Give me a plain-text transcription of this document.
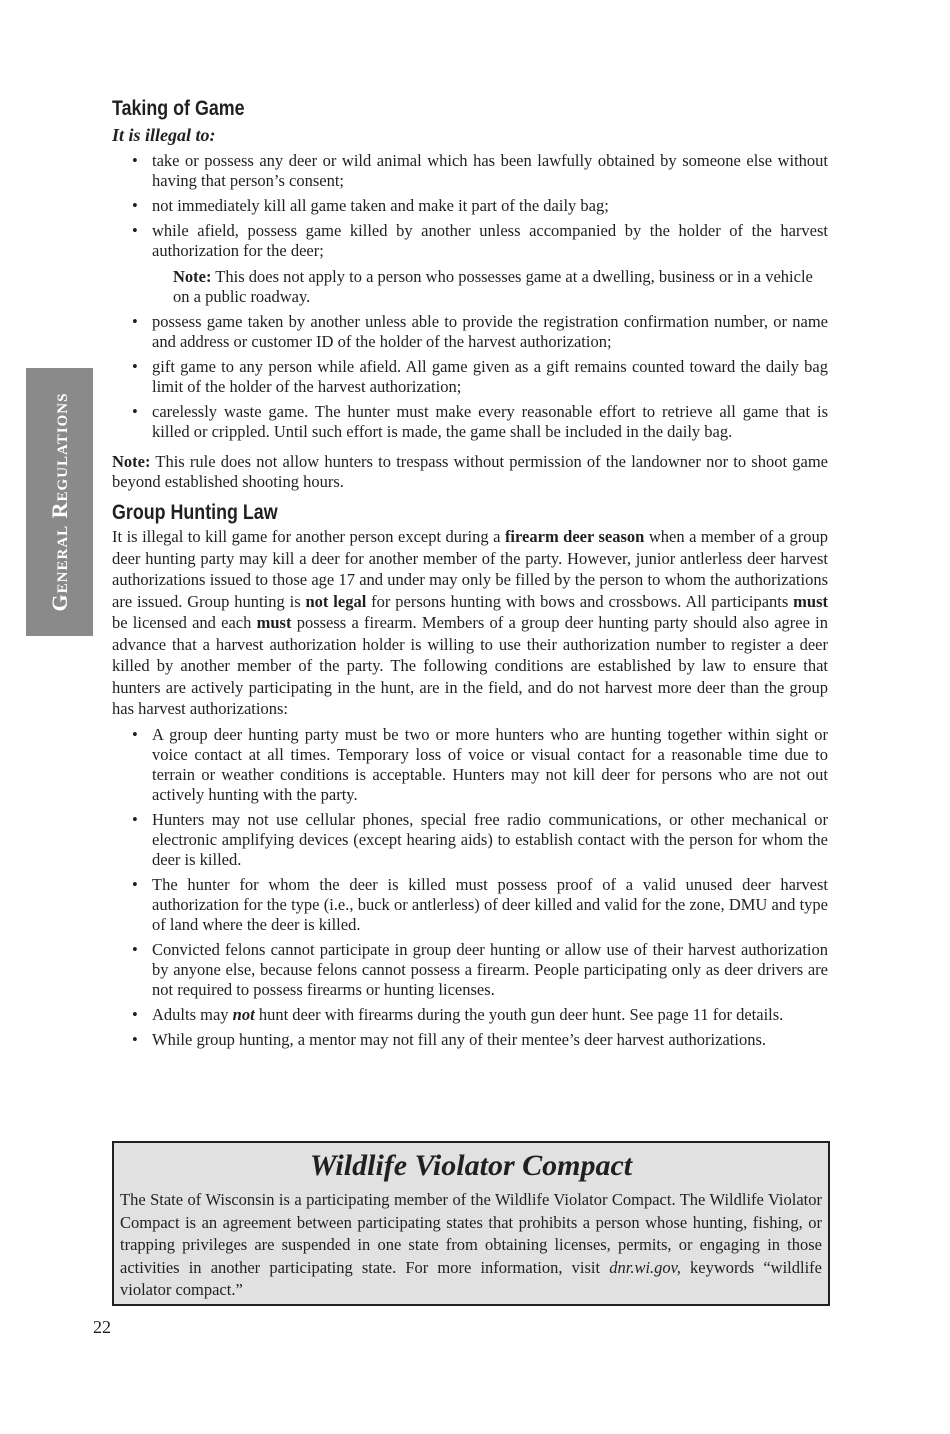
General Regulations
Taking of Game
It is illegal to:
• take or possess any deer or wild animal which has been lawfully obtained by someone else without having that person’s consent;
• not immediately kill all game taken and make it part of the daily bag;
• while afield, possess game killed by another unless accompanied by the holder of the harvest authorization for the deer;
Note: This does not apply to a person who possesses game at a dwelling, business or in a vehicle on a public roadway.
• possess game taken by another unless able to provide the registration confirmation number, or name and address or customer ID of the holder of the harvest authorization;
• gift game to any person while afield. All game given as a gift remains counted toward the daily bag limit of the holder of the harvest authorization;
• carelessly waste game. The hunter must make every reasonable effort to retrieve all game that is killed or crippled. Until such effort is made, the game shall be included in the daily bag.
Note: This rule does not allow hunters to trespass without permission of the landowner nor to shoot game beyond established shooting hours.
Group Hunting Law

It is illegal to kill game for another person except during a firearm deer season when a member of a group deer hunting party may kill a deer for another member of the party. However, junior antlerless deer harvest authorizations issued to those age 17 and under may only be filled by the person to whom the authorizations are issued. Group hunting is not legal for persons hunting with bows and crossbows. All participants must be licensed and each must possess a firearm. Members of a group deer hunting party should also agree in advance that a harvest authorization holder is willing to use their authorization number to register a deer killed by another member of the party. The following conditions are established by law to ensure that hunters are actively participating in the hunt, are in the field, and do not harvest more deer than the group has harvest authorizations:

• A group deer hunting party must be two or more hunters who are hunting together within sight or voice contact at all times. Temporary loss of voice or visual contact for a reasonable time due to terrain or weather conditions is acceptable. Hunters may not kill deer for persons who are not out actively hunting with the party.
• Hunters may not use cellular phones, special free radio communications, or other mechanical or electronic amplifying devices (except hearing aids) to establish contact with the person for whom the deer is killed.
• The hunter for whom the deer is killed must possess proof of a valid unused deer harvest authorization for the type (i.e., buck or antlerless) of deer killed and valid for the zone, DMU and type of land where the deer is killed.
• Convicted felons cannot participate in group deer hunting or allow use of their harvest authorization by anyone else, because felons cannot possess a firearm. People participating only as deer drivers are not required to possess firearms or hunting licenses.
• Adults may not hunt deer with firearms during the youth gun deer hunt. See page 11 for details.
• While group hunting, a mentor may not fill any of their mentee’s deer harvest authorizations.
Wildlife Violator Compact
The State of Wisconsin is a participating member of the Wildlife Violator Compact. The Wildlife Violator Compact is an agreement between participating states that prohibits a person whose hunting, fishing, or trapping privileges are suspended in one state from obtaining licenses, permits, or engaging in those activities in another participating state. For more information, visit dnr.wi.gov, keywords “wildlife violator compact.”
22
